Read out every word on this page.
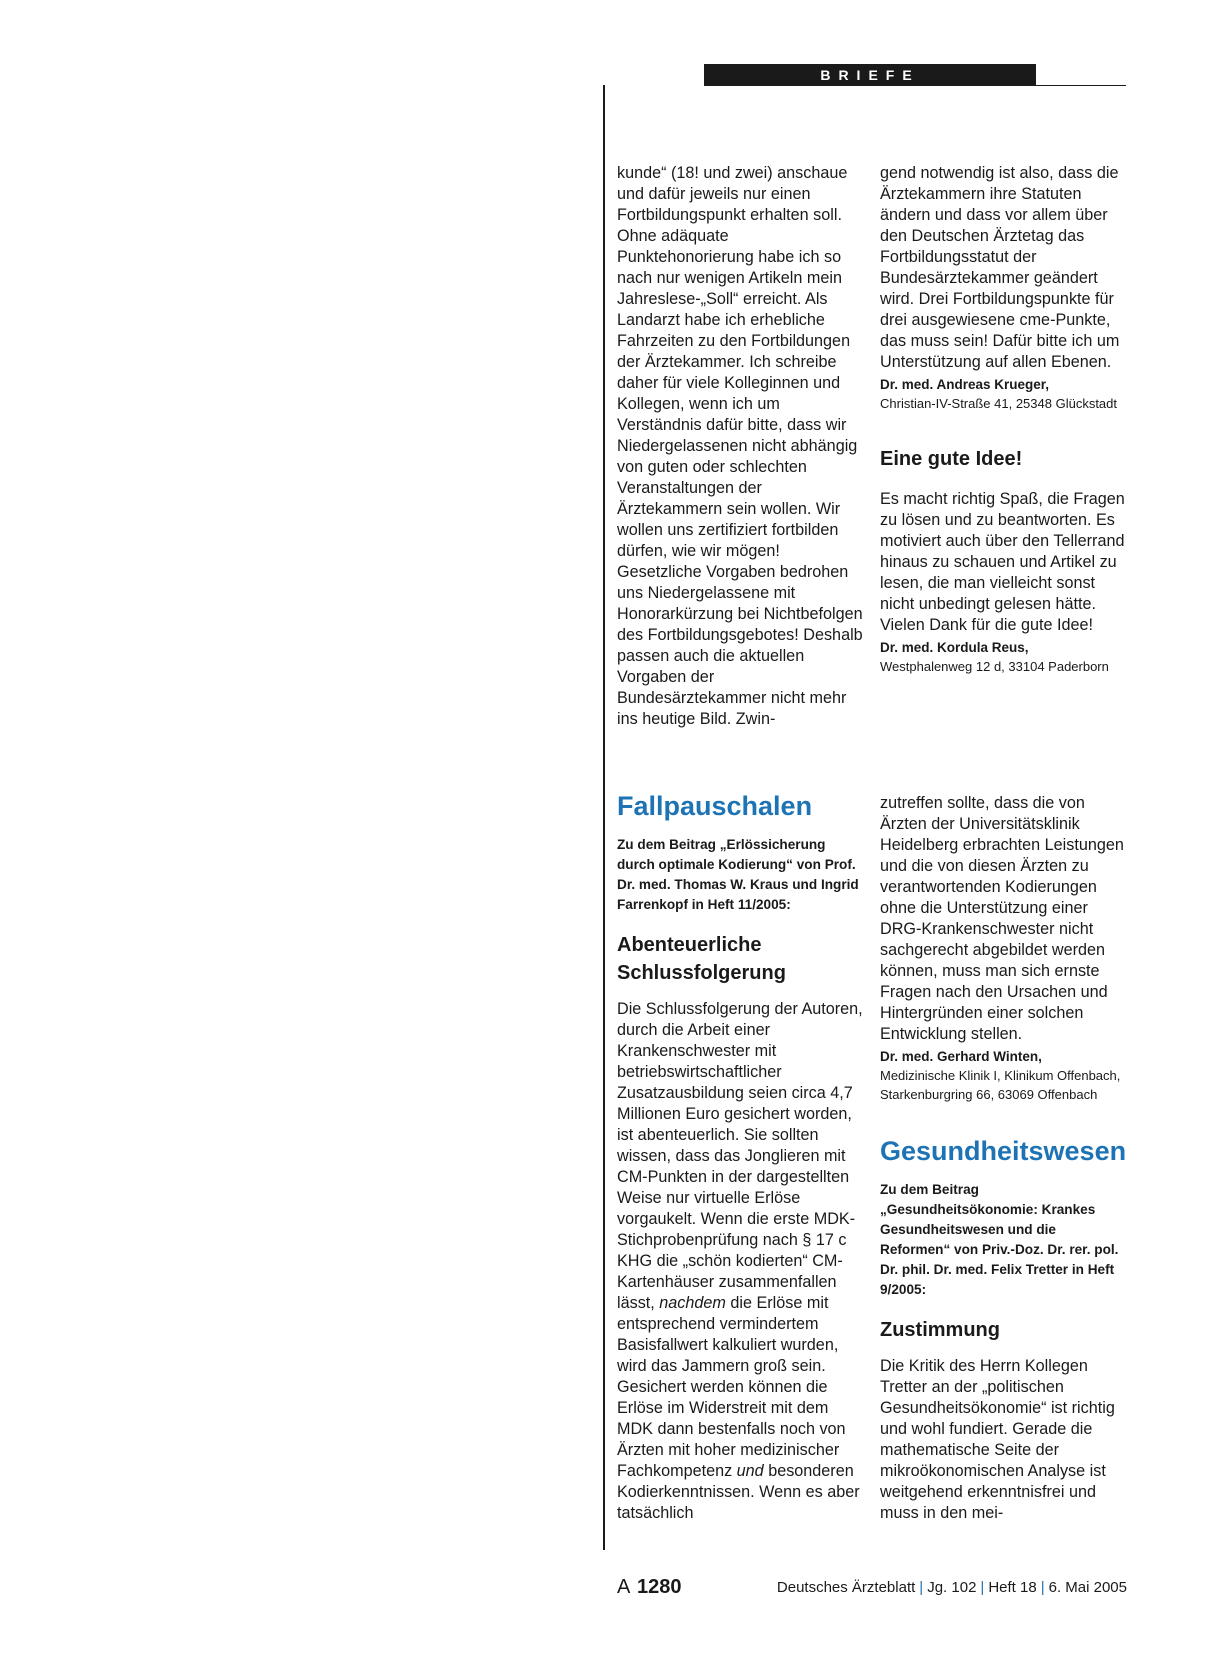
BRIEFE

kunde“ (18! und zwei) anschaue und dafür jeweils nur einen Fortbildungspunkt erhalten soll. Ohne adäquate Punktehonorierung habe ich so nach nur wenigen Artikeln mein Jahreslese-„Soll“ erreicht. Als Landarzt habe ich erhebliche Fahrzeiten zu den Fortbildungen der Ärztekammer. Ich schreibe daher für viele Kolleginnen und Kollegen, wenn ich um Verständnis dafür bitte, dass wir Niedergelassenen nicht abhängig von guten oder schlechten Veranstaltungen der Ärztekammern sein wollen. Wir wollen uns zertifiziert fortbilden dürfen, wie wir mögen! Gesetzliche Vorgaben bedrohen uns Niedergelassene mit Honorarkürzung bei Nichtbefolgen des Fortbildungsgebotes! Deshalb passen auch die aktuellen Vorgaben der Bundesärztekammer nicht mehr ins heutige Bild. Zwin-

gend notwendig ist also, dass die Ärztekammern ihre Statuten ändern und dass vor allem über den Deutschen Ärztetag das Fortbildungsstatut der Bundesärztekammer geändert wird. Drei Fortbildungspunkte für drei ausgewiesene cme-Punkte, das muss sein! Dafür bitte ich um Unterstützung auf allen Ebenen.

Dr. med. Andreas Krueger,

Christian-IV-Straße 41, 25348 Glückstadt

Eine gute Idee!

Es macht richtig Spaß, die Fragen zu lösen und zu beantworten. Es motiviert auch über den Tellerrand hinaus zu schauen und Artikel zu lesen, die man vielleicht sonst nicht unbedingt gelesen hätte. Vielen Dank für die gute Idee!

Dr. med. Kordula Reus,

Westphalenweg 12 d, 33104 Paderborn

Fallpauschalen

Zu dem Beitrag „Erlössicherung durch optimale Kodierung“ von Prof. Dr. med. Thomas W. Kraus und Ingrid Farrenkopf in Heft 11/2005:

Abenteuerliche Schlussfolgerung

Die Schlussfolgerung der Autoren, durch die Arbeit einer Krankenschwester mit betriebswirtschaftlicher Zusatzausbildung seien circa 4,7 Millionen Euro gesichert worden, ist abenteuerlich. Sie sollten wissen, dass das Jonglieren mit CM-Punkten in der dargestellten Weise nur virtuelle Erlöse vorgaukelt. Wenn die erste MDK-Stichprobenprüfung nach § 17 c KHG die „schön kodierten“ CM-Kartenhäuser zusammenfallen lässt, nachdem die Erlöse mit entsprechend vermindertem Basisfallwert kalkuliert wurden, wird das Jammern groß sein. Gesichert werden können die Erlöse im Widerstreit mit dem MDK dann bestenfalls noch von Ärzten mit hoher medizinischer Fachkompetenz und besonderen Kodierkenntnissen. Wenn es aber tatsächlich

zutreffen sollte, dass die von Ärzten der Universitätsklinik Heidelberg erbrachten Leistungen und die von diesen Ärzten zu verantwortenden Kodierungen ohne die Unterstützung einer DRG-Krankenschwester nicht sachgerecht abgebildet werden können, muss man sich ernste Fragen nach den Ursachen und Hintergründen einer solchen Entwicklung stellen.

Dr. med. Gerhard Winten,

Medizinische Klinik I, Klinikum Offenbach,

Starkenburgring 66, 63069 Offenbach

Gesundheitswesen

Zu dem Beitrag „Gesundheitsökonomie: Krankes Gesundheitswesen und die Reformen“ von Priv.-Doz. Dr. rer. pol. Dr. phil. Dr. med. Felix Tretter in Heft 9/2005:

Zustimmung

Die Kritik des Herrn Kollegen Tretter an der „politischen Gesundheitsökonomie“ ist richtig und wohl fundiert. Gerade die mathematische Seite der mikroökonomischen Analyse ist weitgehend erkenntnisfrei und muss in den mei-

A 1280	Deutsches Ärzteblatt | Jg. 102 | Heft 18 | 6. Mai 2005
